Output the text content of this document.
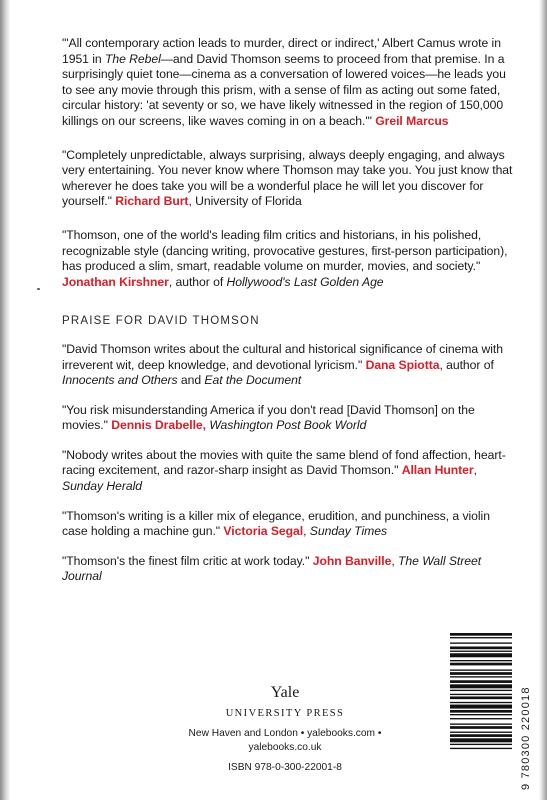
"'All contemporary action leads to murder, direct or indirect,' Albert Camus wrote in 1951 in The Rebel—and David Thomson seems to proceed from that premise. In a surprisingly quiet tone—cinema as a conversation of lowered voices—he leads you to see any movie through this prism, with a sense of film as acting out some fated, circular history: 'at seventy or so, we have likely witnessed in the region of 150,000 killings on our screens, like waves coming in on a beach.'" Greil Marcus

"Completely unpredictable, always surprising, always deeply engaging, and always very entertaining. You never know where Thomson may take you. You just know that wherever he does take you will be a wonderful place he will let you discover for yourself." Richard Burt, University of Florida

"Thomson, one of the world's leading film critics and historians, in his polished, recognizable style (dancing writing, provocative gestures, first-person participation), has produced a slim, smart, readable volume on murder, movies, and society." Jonathan Kirshner, author of Hollywood's Last Golden Age

PRAISE FOR DAVID THOMSON

"David Thomson writes about the cultural and historical significance of cinema with irreverent wit, deep knowledge, and devotional lyricism." Dana Spiotta, author of Innocents and Others and Eat the Document

"You risk misunderstanding America if you don't read [David Thomson] on the movies." Dennis Drabelle, Washington Post Book World

"Nobody writes about the movies with quite the same blend of fond affection, heart-racing excitement, and razor-sharp insight as David Thomson." Allan Hunter, Sunday Herald

"Thomson's writing is a killer mix of elegance, erudition, and punchiness, a violin case holding a machine gun." Victoria Segal, Sunday Times

"Thomson's the finest film critic at work today." John Banville, The Wall Street Journal

Yale
UNIVERSITY PRESS
New Haven and London • yalebooks.com • yalebooks.co.uk
ISBN 978-0-300-22001-8	9 780300 220018
